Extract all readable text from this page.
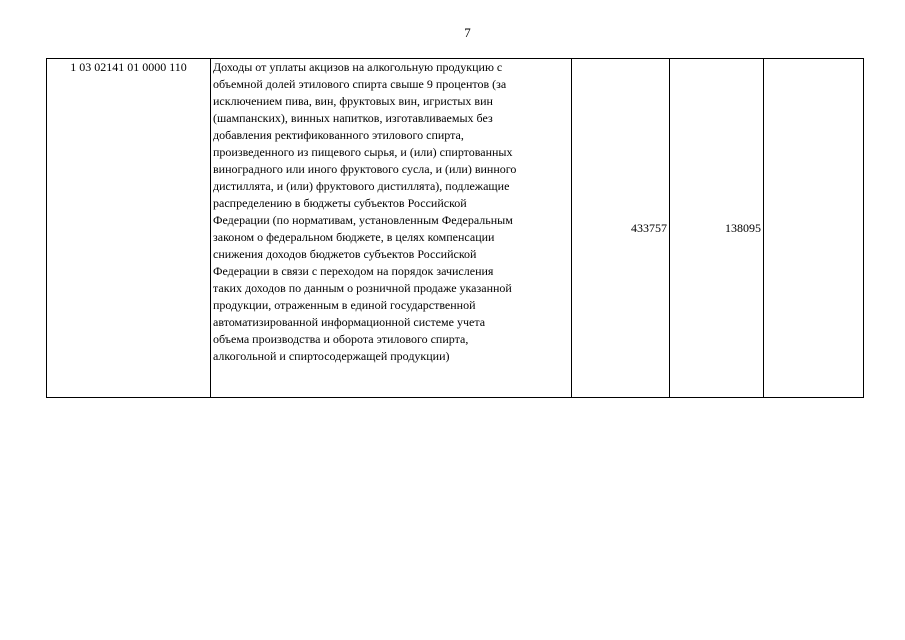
7
1 03 02141 01 0000 110	Доходы от уплаты акцизов на алкогольную продукцию с
объемной долей этилового спирта свыше 9 процентов (за
исключением пива, вин, фруктовых вин, игристых вин
(шампанских), винных напитков, изготавливаемых без
добавления ректификованного этилового спирта,
произведенного из пищевого сырья, и (или) спиртованных
виноградного или иного фруктового сусла, и (или) винного
дистиллята, и (или) фруктового дистиллята), подлежащие
распределению в бюджеты субъектов Российской
Федерации (по нормативам, установленным Федеральным
законом о федеральном бюджете, в целях компенсации
снижения доходов бюджетов субъектов Российской
Федерации в связи с переходом на порядок зачисления
таких доходов по данным о розничной продаже указанной
продукции, отраженным в единой государственной
автоматизированной информационной системе учета
объема производства и оборота этилового спирта,
алкогольной и спиртосодержащей продукции)
	433757	138095	
